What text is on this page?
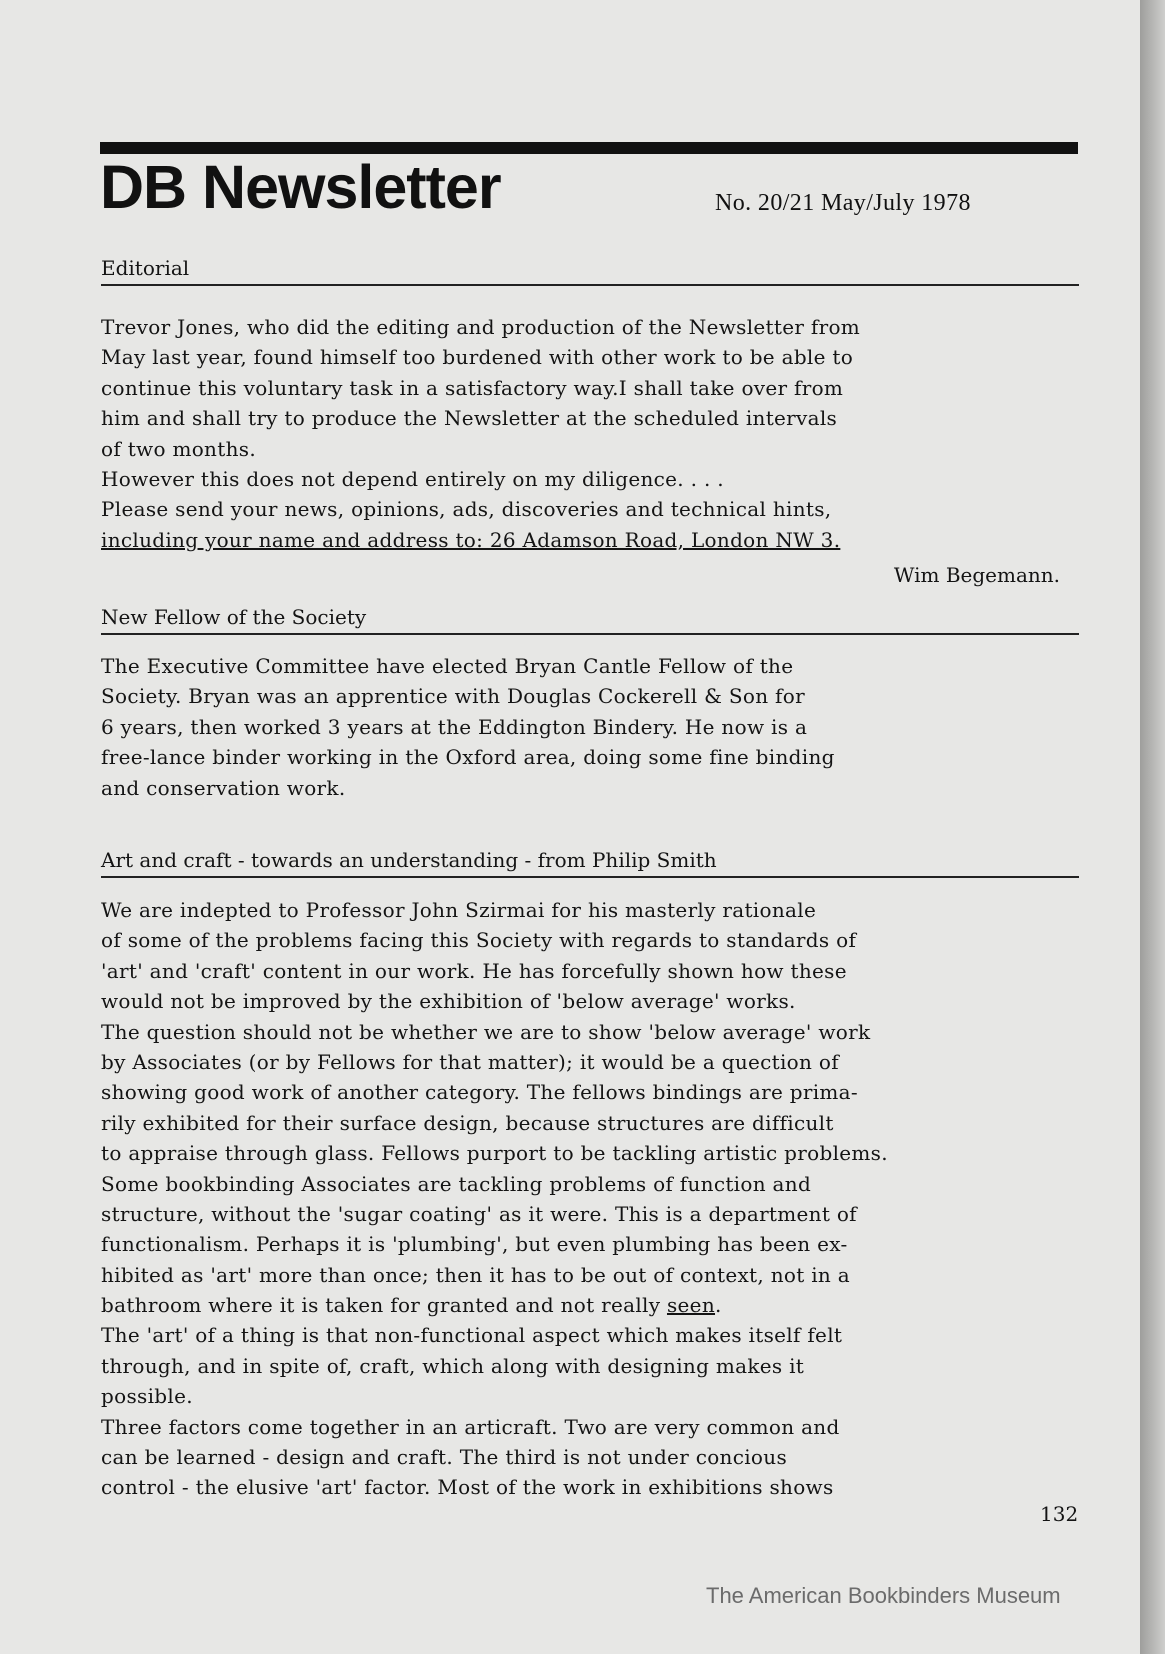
DB Newsletter	No. 20/21 May/July 1978
Editorial
Trevor Jones, who did the editing and production of the Newsletter from
May last year, found himself too burdened with other work to be able to
continue this voluntary task in a satisfactory way.I shall take over from
him and shall try to produce the Newsletter at the scheduled intervals
of two months.
However this does not depend entirely on my diligence. . . .
Please send your news, opinions, ads, discoveries and technical hints,
including your name and address to: 26 Adamson Road, London NW 3.
Wim Begemann.
New Fellow of the Society
The Executive Committee have elected Bryan Cantle Fellow of the
Society. Bryan was an apprentice with Douglas Cockerell & Son for
6 years, then worked 3 years at the Eddington Bindery. He now is a
free-lance binder working in the Oxford area, doing some fine binding
and conservation work.
Art and craft - towards an understanding - from Philip Smith
We are indepted to Professor John Szirmai for his masterly rationale
of some of the problems facing this Society with regards to standards of
'art' and 'craft' content in our work. He has forcefully shown how these
would not be improved by the exhibition of 'below average' works.
The question should not be whether we are to show 'below average' work
by Associates (or by Fellows for that matter); it would be a quection of
showing good work of another category. The fellows bindings are prima-
rily exhibited for their surface design, because structures are difficult
to appraise through glass. Fellows purport to be tackling artistic problems.
Some bookbinding Associates are tackling problems of function and
structure, without the 'sugar coating' as it were. This is a department of
functionalism. Perhaps it is 'plumbing', but even plumbing has been ex-
hibited as 'art' more than once; then it has to be out of context, not in a
bathroom where it is taken for granted and not really seen.
The 'art' of a thing is that non-functional aspect which makes itself felt
through, and in spite of, craft, which along with designing makes it
possible.
Three factors come together in an articraft. Two are very common and
can be learned - design and craft. The third is not under concious
control - the elusive 'art' factor. Most of the work in exhibitions shows
132
The American Bookbinders Museum
